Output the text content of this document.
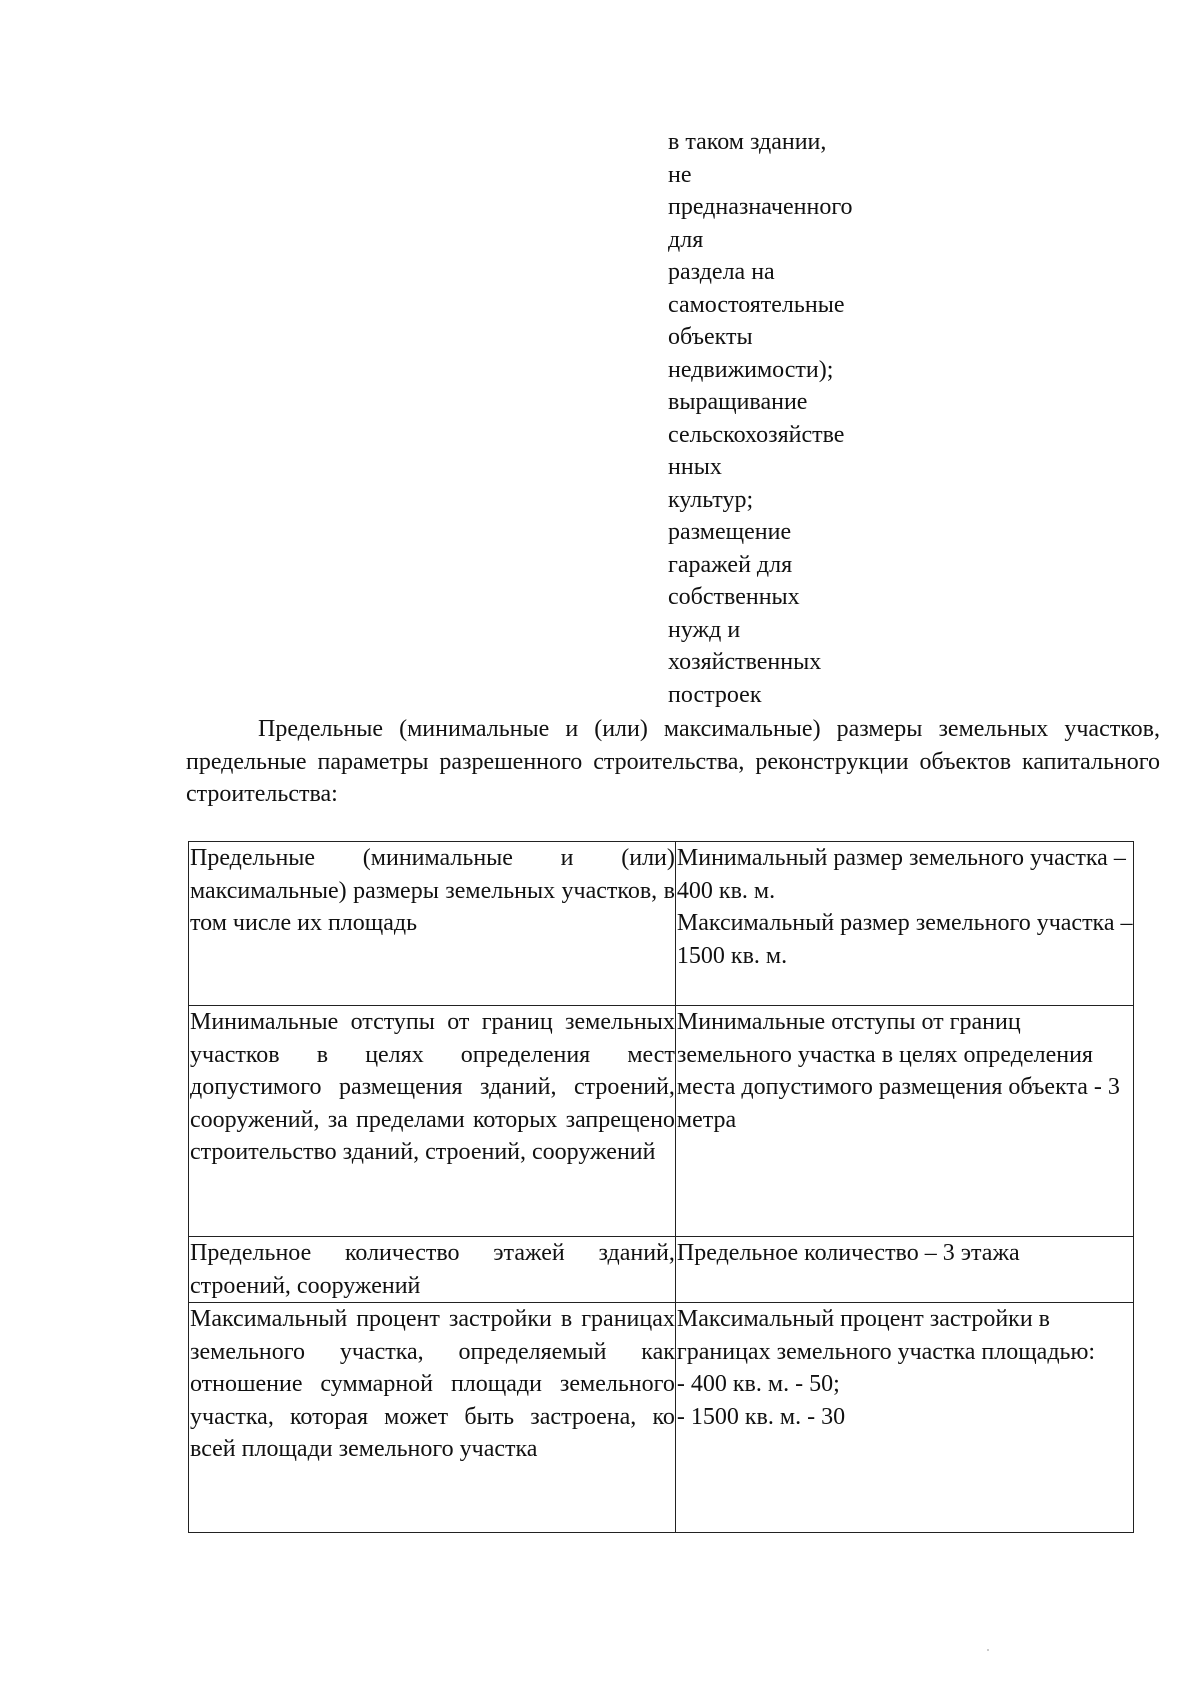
в таком здании,
не
предназначенного
для
раздела на
самостоятельные
объекты
недвижимости);
выращивание
сельскохозяйстве
нных
культур;
размещение
гаражей для
собственных
нужд и
хозяйственных
построек

Предельные (минимальные и (или) максимальные) размеры земельных участков, предельные параметры разрешенного строительства, реконструкции объектов капитального строительства:

Предельные (минимальные и (или) максимальные) размеры земельных участков, в том числе их площадь	Минимальный размер земельного участка – 400 кв. м.
Максимальный размер земельного участка – 1500 кв. м.

Минимальные отступы от границ земельных участков в целях определения мест допустимого размещения зданий, строений, сооружений, за пределами которых запрещено строительство зданий, строений, сооружений	Минимальные отступы от границ земельного участка в целях определения места допустимого размещения объекта - 3 метра

Предельное количество этажей зданий, строений, сооружений	Предельное количество – 3 этажа

Максимальный процент застройки в границах земельного участка, определяемый как отношение суммарной площади земельного участка, которая может быть застроена, ко всей площади земельного участка	Максимальный процент застройки в границах земельного участка площадью:
- 400 кв. м. - 50;
- 1500 кв. м. - 30
